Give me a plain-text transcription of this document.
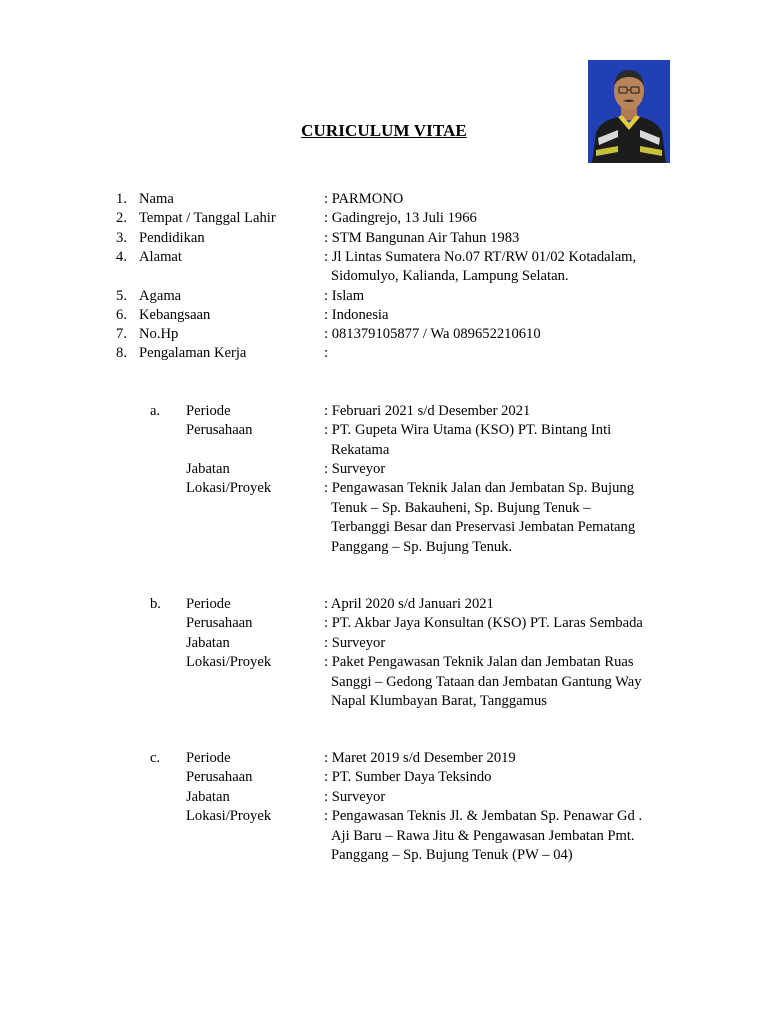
CURICULUM VITAE
1. Nama	: PARMONO
2. Tempat / Tanggal Lahir	: Gadingrejo, 13 Juli 1966
3. Pendidikan	: STM Bangunan Air Tahun 1983
4. Alamat	: Jl Lintas Sumatera No.07 RT/RW 01/02 Kotadalam,
Sidomulyo, Kalianda, Lampung Selatan.
5. Agama	: Islam
6. Kebangsaan	: Indonesia
7. No.Hp	: 081379105877 / Wa 089652210610
8. Pengalaman Kerja	:
a. Periode	: Februari 2021 s/d Desember 2021
Perusahaan	: PT. Gupeta Wira Utama (KSO) PT. Bintang Inti
Rekatama
Jabatan	: Surveyor
Lokasi/Proyek	: Pengawasan Teknik Jalan dan Jembatan Sp. Bujung
Tenuk – Sp. Bakauheni, Sp. Bujung Tenuk –
Terbanggi Besar dan Preservasi Jembatan Pematang
Panggang – Sp. Bujung Tenuk.
b. Periode	: April 2020 s/d Januari 2021
Perusahaan	: PT. Akbar Jaya Konsultan (KSO) PT. Laras Sembada
Jabatan	: Surveyor
Lokasi/Proyek	: Paket Pengawasan Teknik Jalan dan Jembatan Ruas
Sanggi – Gedong Tataan dan Jembatan Gantung Way
Napal Klumbayan Barat, Tanggamus
c. Periode	: Maret 2019 s/d Desember 2019
Perusahaan	: PT. Sumber Daya Teksindo
Jabatan	: Surveyor
Lokasi/Proyek	: Pengawasan Teknis Jl. & Jembatan Sp. Penawar Gd .
Aji Baru – Rawa Jitu & Pengawasan Jembatan Pmt.
Panggang – Sp. Bujung Tenuk (PW – 04)
